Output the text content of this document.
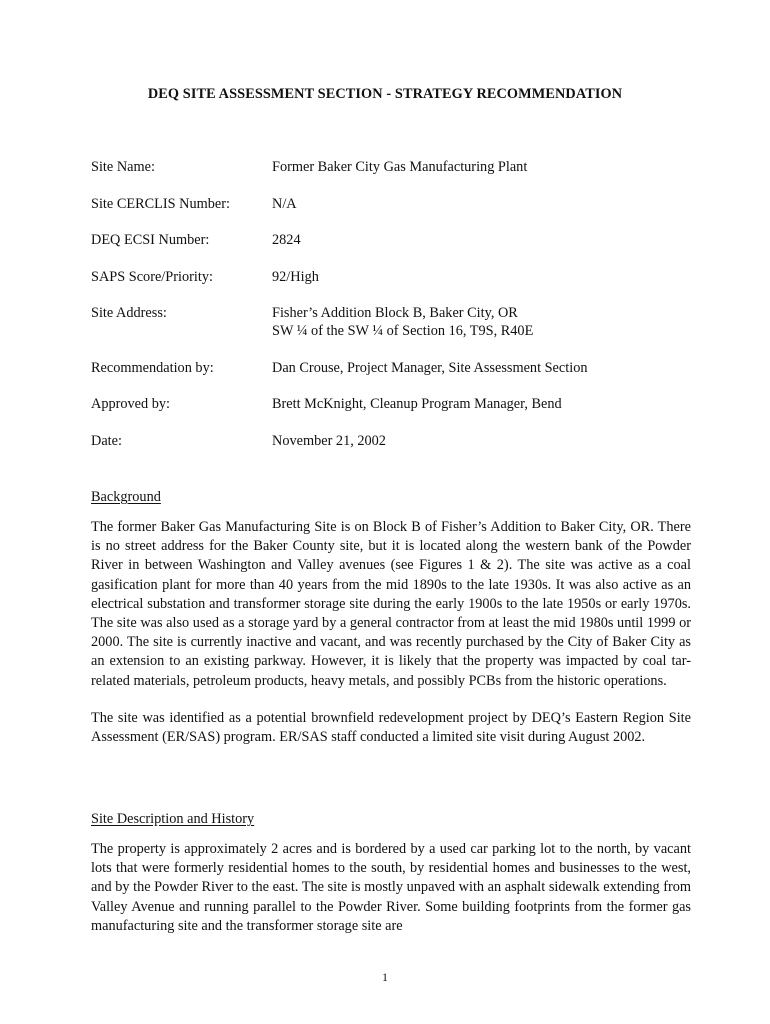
DEQ SITE ASSESSMENT SECTION - STRATEGY RECOMMENDATION
Site Name:	Former Baker City Gas Manufacturing Plant
Site CERCLIS Number:	N/A
DEQ ECSI Number:	2824
SAPS Score/Priority:	92/High
Site Address:	Fisher’s Addition Block B, Baker City, OR
SW ¼ of the SW ¼ of Section 16, T9S, R40E
Recommendation by:	Dan Crouse, Project Manager, Site Assessment Section
Approved by:	Brett McKnight, Cleanup Program Manager, Bend
Date:	November 21, 2002
Background

The former Baker Gas Manufacturing Site is on Block B of Fisher’s Addition to Baker City, OR. There is no street address for the Baker County site, but it is located along the western bank of the Powder River in between Washington and Valley avenues (see Figures 1 & 2). The site was active as a coal gasification plant for more than 40 years from the mid 1890s to the late 1930s. It was also active as an electrical substation and transformer storage site during the early 1900s to the late 1950s or early 1970s. The site was also used as a storage yard by a general contractor from at least the mid 1980s until 1999 or 2000. The site is currently inactive and vacant, and was recently purchased by the City of Baker City as an extension to an existing parkway. However, it is likely that the property was impacted by coal tar-related materials, petroleum products, heavy metals, and possibly PCBs from the historic operations.

The site was identified as a potential brownfield redevelopment project by DEQ’s Eastern Region Site Assessment (ER/SAS) program. ER/SAS staff conducted a limited site visit during August 2002.

Site Description and History

The property is approximately 2 acres and is bordered by a used car parking lot to the north, by vacant lots that were formerly residential homes to the south, by residential homes and businesses to the west, and by the Powder River to the east. The site is mostly unpaved with an asphalt sidewalk extending from Valley Avenue and running parallel to the Powder River. Some building footprints from the former gas manufacturing site and the transformer storage site are

1
